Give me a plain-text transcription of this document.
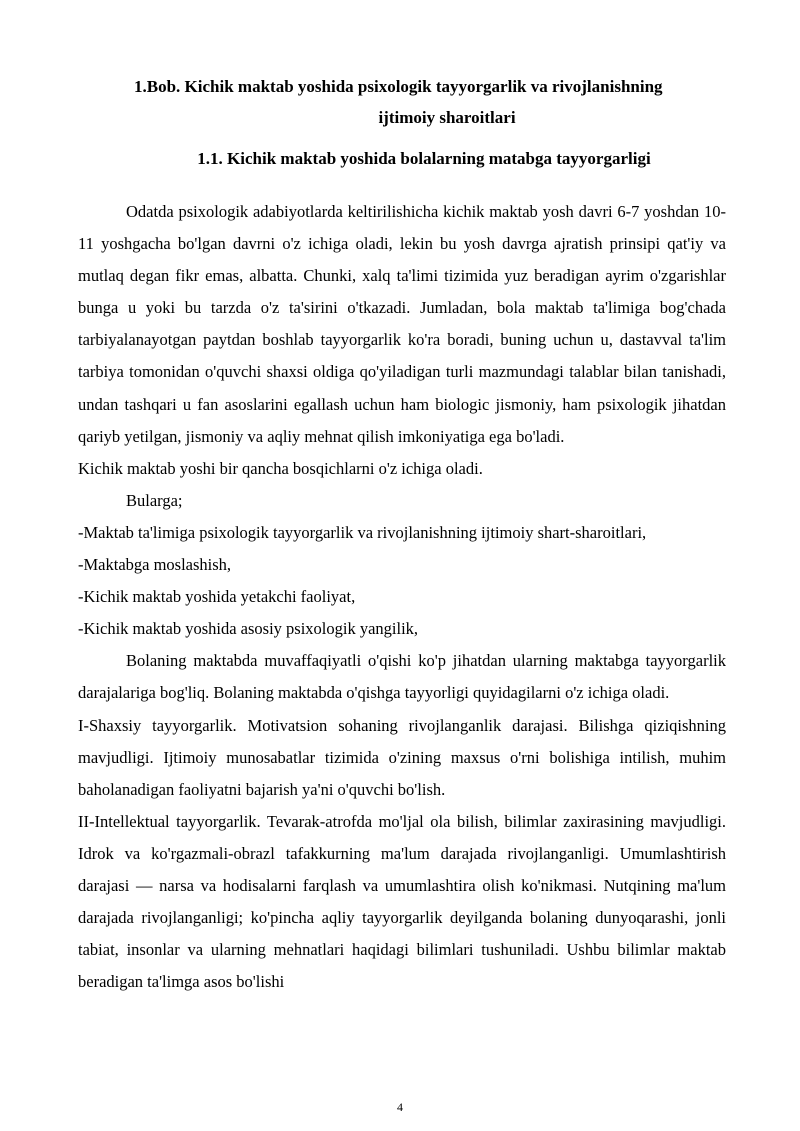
1.Bob. Kichik maktab yoshida psixologik tayyorgarlik va rivojlanishning
ijtimoiy sharoitlari
1.1. Kichik maktab yoshida bolalarning matabga tayyorgarligi

Odatda psixologik adabiyotlarda keltirilishicha kichik maktab yosh davri 6-7 yoshdan 10-11 yoshgacha bo'lgan davrni o'z ichiga oladi, lekin bu yosh davrga ajratish prinsipi qat'iy va mutlaq degan fikr emas, albatta. Chunki, xalq ta'limi tizimida yuz beradigan ayrim o'zgarishlar bunga u yoki bu tarzda o'z ta'sirini o'tkazadi. Jumladan, bola maktab ta'limiga bog'chada tarbiyalanayotgan paytdan boshlab tayyorgarlik ko'ra boradi, buning uchun u, dastavval ta'lim tarbiya tomonidan o'quvchi shaxsi oldiga qo'yiladigan turli mazmundagi talablar bilan tanishadi, undan tashqari u fan asoslarini egallash uchun ham biologic jismoniy, ham psixologik jihatdan qariyb yetilgan, jismoniy va aqliy mehnat qilish imkoniyatiga ega bo'ladi.

Kichik maktab yoshi bir qancha bosqichlarni o'z ichiga oladi.

Bularga;

-Maktab ta'limiga psixologik tayyorgarlik va rivojlanishning ijtimoiy shart-sharoitlari,

-Maktabga moslashish,

-Kichik maktab yoshida yetakchi faoliyat,

-Kichik maktab yoshida asosiy psixologik yangilik,

Bolaning maktabda muvaffaqiyatli o'qishi ko'p jihatdan ularning maktabga tayyorgarlik darajalariga bog'liq. Bolaning maktabda o'qishga tayyorligi quyidagilarni o'z ichiga oladi.

I-Shaxsiy tayyorgarlik. Motivatsion sohaning rivojlanganlik darajasi. Bilishga qiziqishning mavjudligi. Ijtimoiy munosabatlar tizimida o'zining maxsus o'rni bolishiga intilish, muhim baholanadigan faoliyatni bajarish ya'ni o'quvchi bo'lish.

II-Intellektual tayyorgarlik. Tevarak-atrofda mo'ljal ola bilish, bilimlar zaxirasining mavjudligi. Idrok va ko'rgazmali-obrazl tafakkurning ma'lum darajada rivojlanganligi. Umumlashtirish darajasi — narsa va hodisalarni farqlash va umumlashtira olish ko'nikmasi. Nutqining ma'lum darajada rivojlanganligi; ko'pincha aqliy tayyorgarlik deyilganda bolaning dunyoqarashi, jonli tabiat, insonlar va ularning mehnatlari haqidagi bilimlari tushuniladi. Ushbu bilimlar maktab beradigan ta'limga asos bo'lishi

4
